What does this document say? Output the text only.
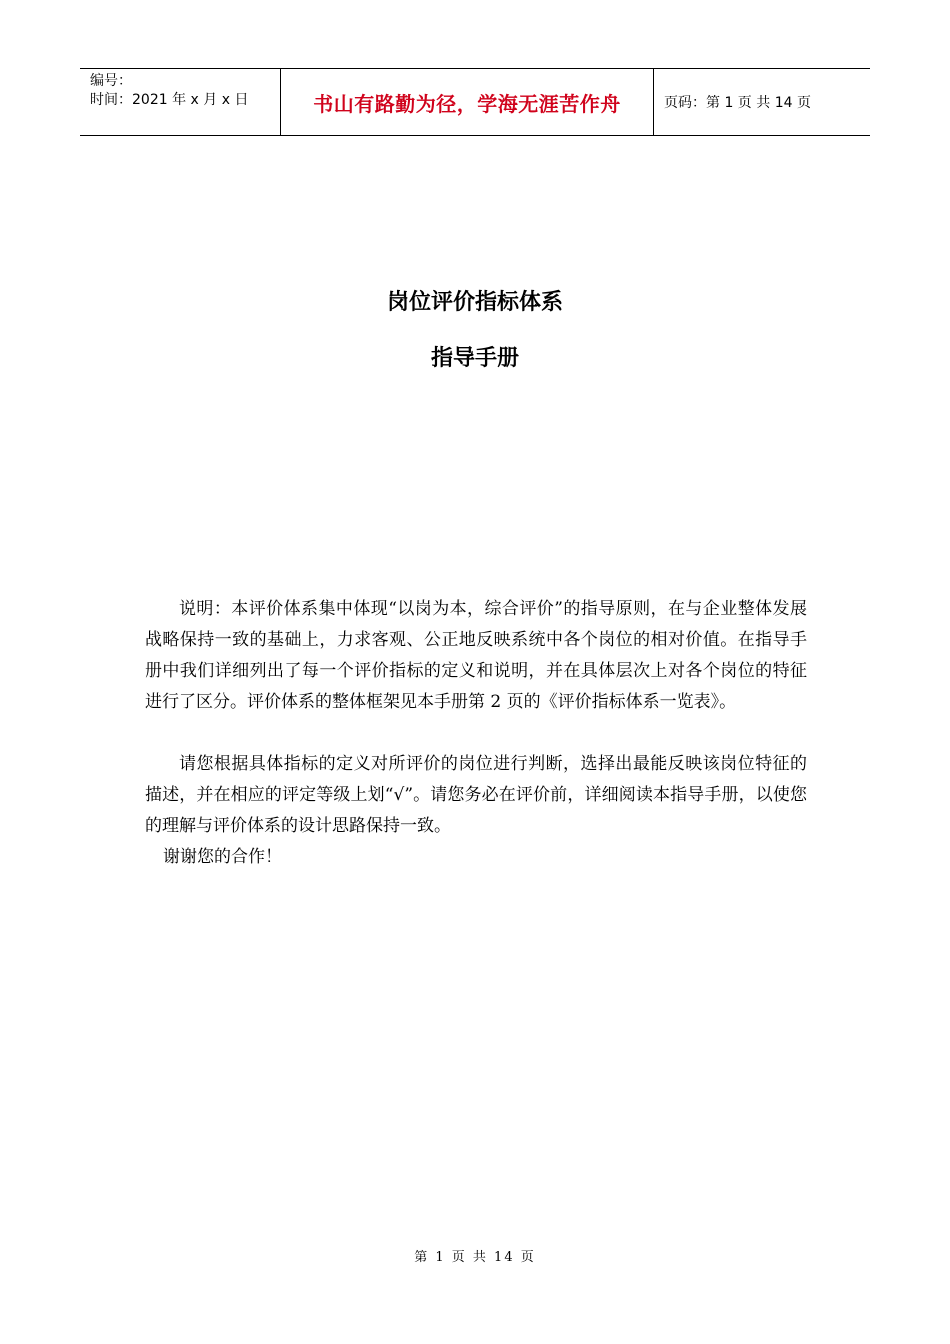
编号：
时间：2021 年 x 月 x 日	书山有路勤为径，学海无涯苦作舟	页码：第 1 页 共 14 页
岗位评价指标体系
指导手册

说明：本评价体系集中体现“以岗为本，综合评价”的指导原则，在与企业整体发展战略保持一致的基础上，力求客观、公正地反映系统中各个岗位的相对价值。在指导手册中我们详细列出了每一个评价指标的定义和说明，并在具体层次上对各个岗位的特征进行了区分。评价体系的整体框架见本手册第 2 页的《评价指标体系一览表》。

请您根据具体指标的定义对所评价的岗位进行判断，选择出最能反映该岗位特征的描述，并在相应的评定等级上划“√”。请您务必在评价前，详细阅读本指导手册，以使您的理解与评价体系的设计思路保持一致。

谢谢您的合作！
第 1 页 共 14 页
